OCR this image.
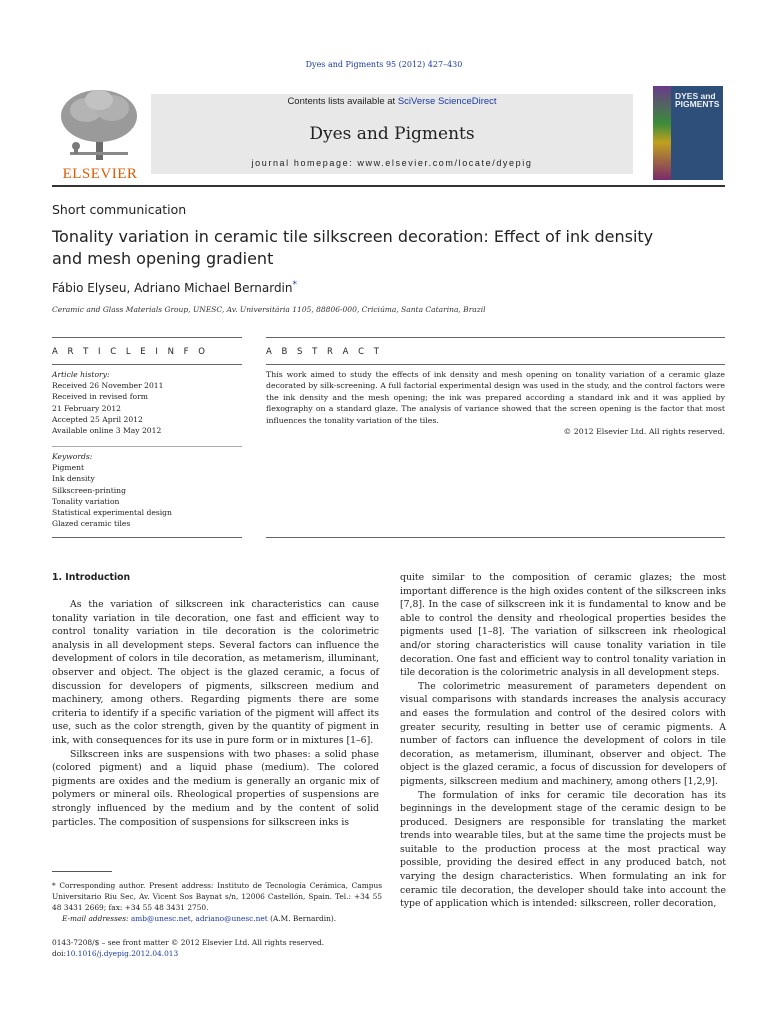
Dyes and Pigments 95 (2012) 427–430
ELSEVIER
Contents lists available at SciVerse ScienceDirect
Dyes and Pigments
journal homepage: www.elsevier.com/locate/dyepig
DYES and PIGMENTS
Short communication
Tonality variation in ceramic tile silkscreen decoration: Effect of ink density and mesh opening gradient
Fábio Elyseu, Adriano Michael Bernardin*
Ceramic and Glass Materials Group, UNESC, Av. Universitária 1105, 88806-000, Criciúma, Santa Catarina, Brazil
A R T I C L E I N F O	A B S T R A C T
Article history:
Received 26 November 2011
Received in revised form
21 February 2012
Accepted 25 April 2012
Available online 3 May 2012
Keywords:
Pigment
Ink density
Silkscreen-printing
Tonality variation
Statistical experimental design
Glazed ceramic tiles
This work aimed to study the effects of ink density and mesh opening on tonality variation of a ceramic glaze decorated by silk-screening. A full factorial experimental design was used in the study, and the control factors were the ink density and the mesh opening; the ink was prepared according a standard ink and it was applied by flexography on a standard glaze. The analysis of variance showed that the screen opening is the factor that most influences the tonality variation of the tiles.
© 2012 Elsevier Ltd. All rights reserved.
1. Introduction

As the variation of silkscreen ink characteristics can cause tonality variation in tile decoration, one fast and efficient way to control tonality variation in tile decoration is the colorimetric analysis in all development steps. Several factors can influence the development of colors in tile decoration, as metamerism, illuminant, observer and object. The object is the glazed ceramic, a focus of discussion for developers of pigments, silkscreen medium and machinery, among others. Regarding pigments there are some criteria to identify if a specific variation of the pigment will affect its use, such as the color strength, given by the quantity of pigment in ink, with consequences for its use in pure form or in mixtures [1–6].

Silkscreen inks are suspensions with two phases: a solid phase (colored pigment) and a liquid phase (medium). The colored pigments are oxides and the medium is generally an organic mix of polymers or mineral oils. Rheological properties of suspensions are strongly influenced by the medium and by the content of solid particles. The composition of suspensions for silkscreen inks is

quite similar to the composition of ceramic glazes; the most important difference is the high oxides content of the silkscreen inks [7,8]. In the case of silkscreen ink it is fundamental to know and be able to control the density and rheological properties besides the pigments used [1–8]. The variation of silkscreen ink rheological and/or storing characteristics will cause tonality variation in tile decoration. One fast and efficient way to control tonality variation in tile decoration is the colorimetric analysis in all development steps.

The colorimetric measurement of parameters dependent on visual comparisons with standards increases the analysis accuracy and eases the formulation and control of the desired colors with greater security, resulting in better use of ceramic pigments. A number of factors can influence the development of colors in tile decoration, as metamerism, illuminant, observer and object. The object is the glazed ceramic, a focus of discussion for developers of pigments, silkscreen medium and machinery, among others [1,2,9].

The formulation of inks for ceramic tile decoration has its beginnings in the development stage of the ceramic design to be produced. Designers are responsible for translating the market trends into wearable tiles, but at the same time the projects must be suitable to the production process at the most practical way possible, providing the desired effect in any produced batch, not varying the design characteristics. When formulating an ink for ceramic tile decoration, the developer should take into account the type of application which is intended: silkscreen, roller decoration,

* Corresponding author. Present address: Instituto de Tecnología Cerámica, Campus Universitario Riu Sec, Av. Vicent Sos Baynat s/n, 12006 Castellón, Spain. Tel.: +34 55 48 3431 2669; fax: +34 55 48 3431 2750.
E-mail addresses: amb@unesc.net, adriano@unesc.net (A.M. Bernardin).
0143-7208/$ – see front matter © 2012 Elsevier Ltd. All rights reserved.
doi:10.1016/j.dyepig.2012.04.013
